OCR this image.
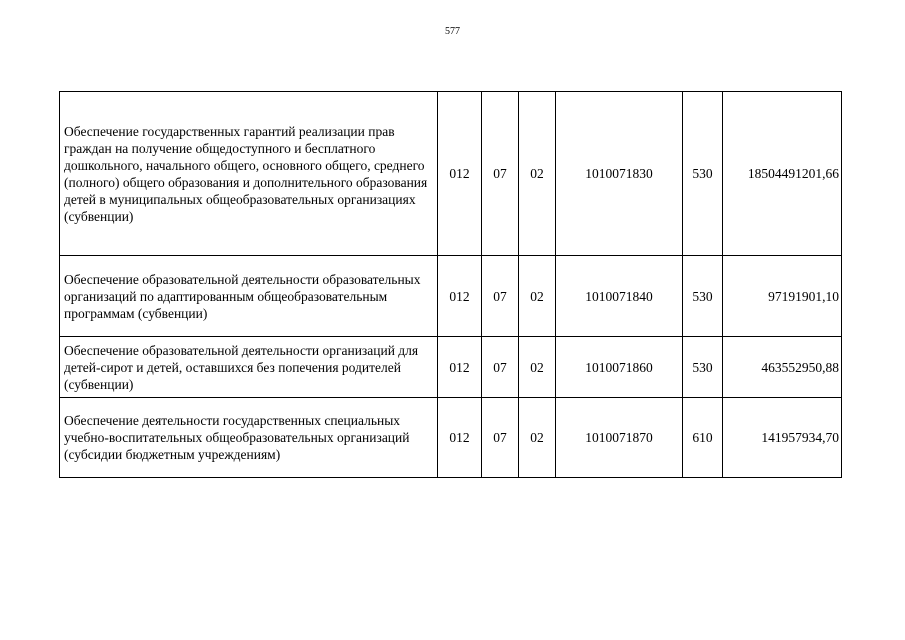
577
Обеспечение государственных гарантий реализации прав граждан на получение общедоступного и бесплатного дошкольного, начального общего, основного общего, среднего (полного) общего образования и дополнительного образования детей в муниципальных общеобразовательных организациях (субвенции)	012	07	02	1010071830	530	18504491201,66
Обеспечение образовательной деятельности образовательных организаций по адаптированным общеобразовательным программам (субвенции)	012	07	02	1010071840	530	97191901,10
Обеспечение образовательной деятельности организаций для детей-сирот и детей, оставшихся без попечения родителей (субвенции)	012	07	02	1010071860	530	463552950,88
Обеспечение деятельности государственных специальных учебно-воспитательных общеобразовательных организаций (субсидии бюджетным учреждениям)	012	07	02	1010071870	610	141957934,70
